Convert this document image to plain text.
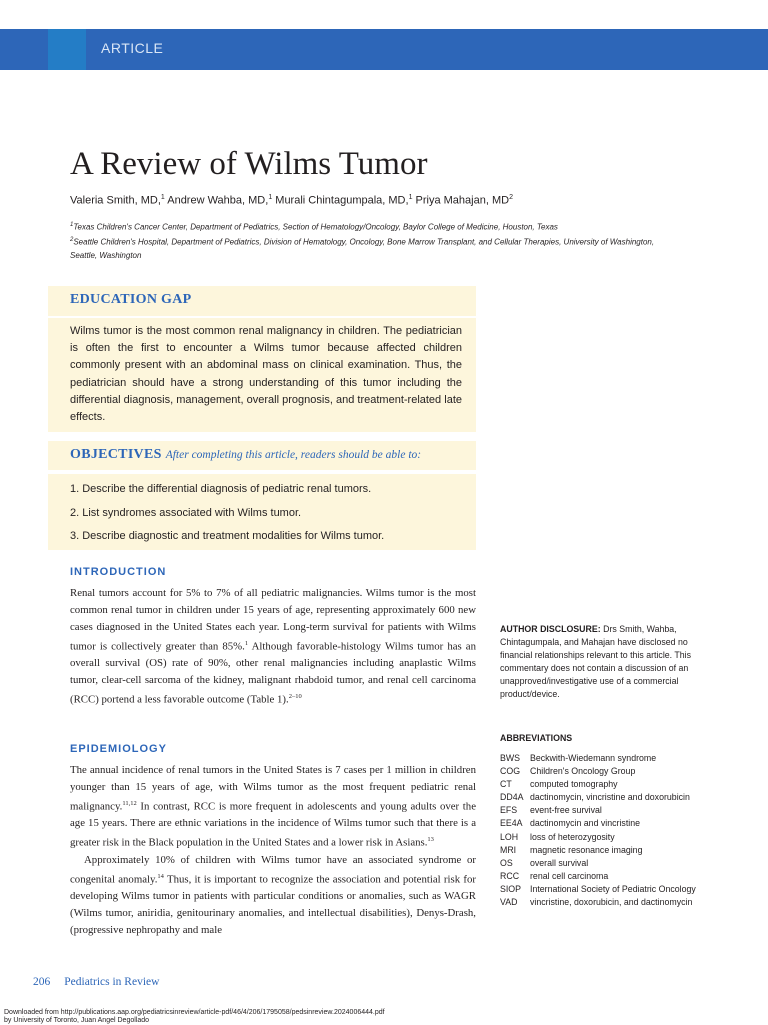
ARTICLE
A Review of Wilms Tumor
Valeria Smith, MD,$^1$ Andrew Wahba, MD,$^1$ Murali Chintagumpala, MD,$^1$ Priya Mahajan, $MD^2$
$^1$Texas Children's Cancer Center, Department of Pediatrics, Section of Hematology/Oncology, Baylor College of Medicine, Houston, Texas
$^2$Seattle Children's Hospital, Department of Pediatrics, Division of Hematology, Oncology, Bone Marrow Transplant, and Cellular Therapies, University of Washington, Seattle, Washington
EDUCATION GAP
Wilms tumor is the most common renal malignancy in children. The pediatrician is often the first to encounter a Wilms tumor because affected children commonly present with an abdominal mass on clinical examination. Thus, the pediatrician should have a strong understanding of this tumor including the differential diagnosis, management, overall prognosis, and treatment-related late effects.
OBJECTIVES After completing this article, readers should be able to:
1. Describe the differential diagnosis of pediatric renal tumors.
2. List syndromes associated with Wilms tumor.
3. Describe diagnostic and treatment modalities for Wilms tumor.
INTRODUCTION

Renal tumors account for 5% to 7% of all pediatric malignancies. Wilms tumor is the most common renal tumor in children under 15 years of age, representing approximately 600 new cases diagnosed in the United States each year. Long-term survival for patients with Wilms tumor is collectively greater than 85%.$^1$ Although favorable-histology Wilms tumor has an overall survival (OS) rate of 90%, other renal malignancies including anaplastic Wilms tumor, clear-cell sarcoma of the kidney, malignant rhabdoid tumor, and renal cell carcinoma (RCC) portend a less favorable outcome (Table 1).$^{2-10}$

EPIDEMIOLOGY

The annual incidence of renal tumors in the United States is 7 cases per 1 million in children younger than 15 years of age, with Wilms tumor as the most frequent pediatric renal malignancy.$^{11,12}$ In contrast, RCC is more frequent in adolescents and young adults over the age 15 years. There are ethnic variations in the incidence of Wilms tumor such that there is a greater risk in the Black population in the United States and a lower risk in Asians.$^{13}$

Approximately 10% of children with Wilms tumor have an associated syndrome or congenital anomaly.$^{14}$ Thus, it is important to recognize the association and potential risk for developing Wilms tumor in patients with particular conditions or anomalies, such as WAGR (Wilms tumor, aniridia, genitourinary anomalies, and intellectual disabilities), Denys-Drash, (progressive nephropathy and male

AUTHOR DISCLOSURE: Drs Smith, Wahba, Chintagumpala, and Mahajan have disclosed no financial relationships relevant to this article. This commentary does not contain a discussion of an unapproved/investigative use of a commercial product/device.
ABBREVIATIONS
BWS	Beckwith-Wiedemann syndrome
COG	Children's Oncology Group
CT	computed tomography
DD4A dactinomycin, vincristine and doxorubicin
EFS	event-free survival
EE4A dactinomycin and vincristine
LOH	loss of heterozygosity
MRI	magnetic resonance imaging
OS	overall survival
RCC	renal cell carcinoma
SIOP	International Society of Pediatric Oncology
VAD	vincristine, doxorubicin, and dactinomycin
206 Pediatrics in Review
Downloaded from http://publications.aap.org/pediatricsinreview/article-pdf/46/4/206/1795058/pedsinreview.2024006444.pdf
by University of Toronto, Juan Angel Degollado
